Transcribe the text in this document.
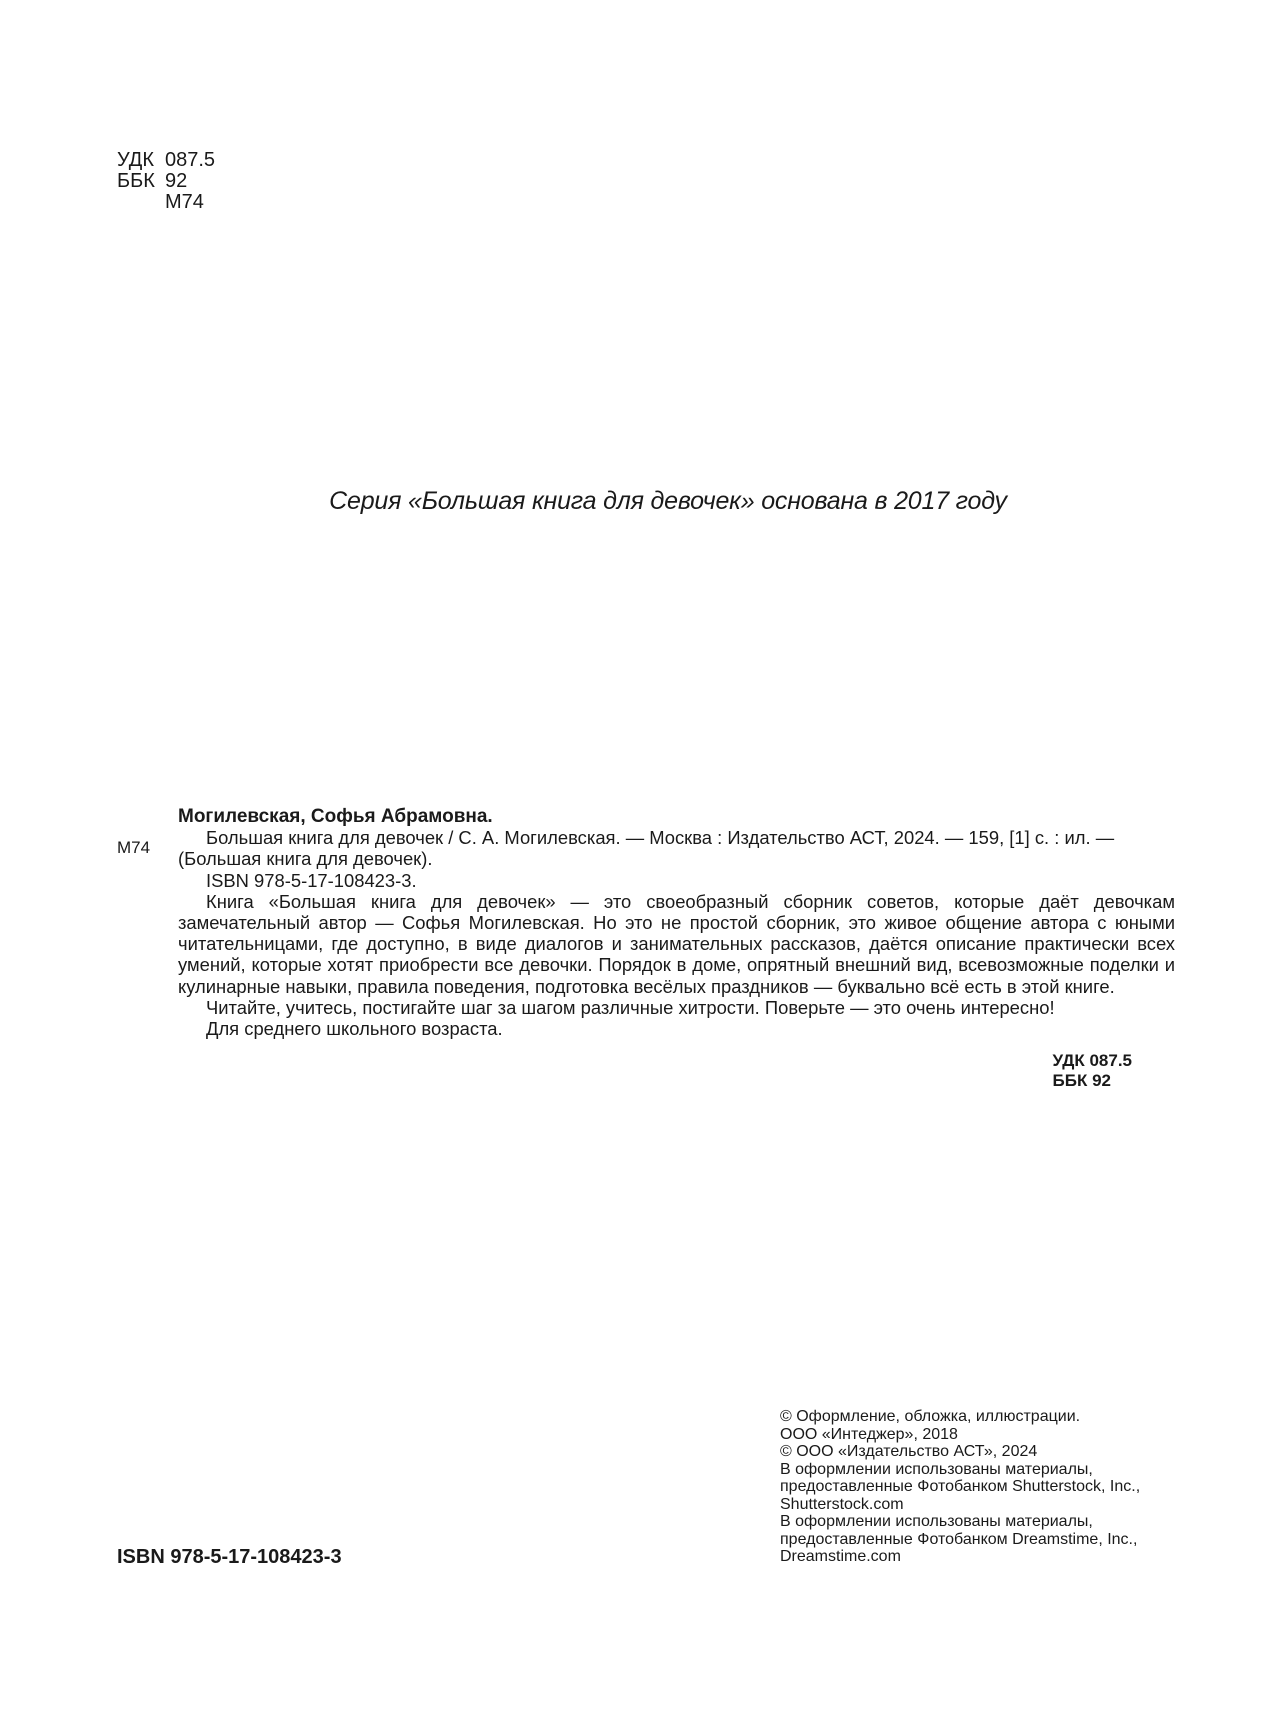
УДК 087.5
ББК 92
М74
Серия «Большая книга для девочек» основана в 2017 году
М74
Могилевская, Софья Абрамовна.
Большая книга для девочек / С. А. Могилевская. — Москва : Издательство АСТ, 2024. — 159, [1] с. : ил. — (Большая книга для девочек).
ISBN 978-5-17-108423-3.
Книга «Большая книга для девочек» — это своеобразный сборник советов, которые даёт девочкам замечательный автор — Софья Могилевская. Но это не простой сборник, это живое общение автора с юными читательницами, где доступно, в виде диалогов и занимательных рассказов, даётся описание практически всех умений, которые хотят приобрести все девочки. Порядок в доме, опрятный внешний вид, всевозможные поделки и кулинарные навыки, правила поведения, подготовка весёлых праздников — буквально всё есть в этой книге.
Читайте, учитесь, постигайте шаг за шагом различные хитрости. Поверьте — это очень интересно!
Для среднего школьного возраста.
УДК 087.5
ББК 92
© Оформление, обложка, иллюстрации.
ООО «Интеджер», 2018
© ООО «Издательство АСТ», 2024
В оформлении использованы материалы,
предоставленные Фотобанком Shutterstock, Inc.,
Shutterstock.com
В оформлении использованы материалы,
предоставленные Фотобанком Dreamstime, Inc.,
Dreamstime.com
ISBN 978-5-17-108423-3
